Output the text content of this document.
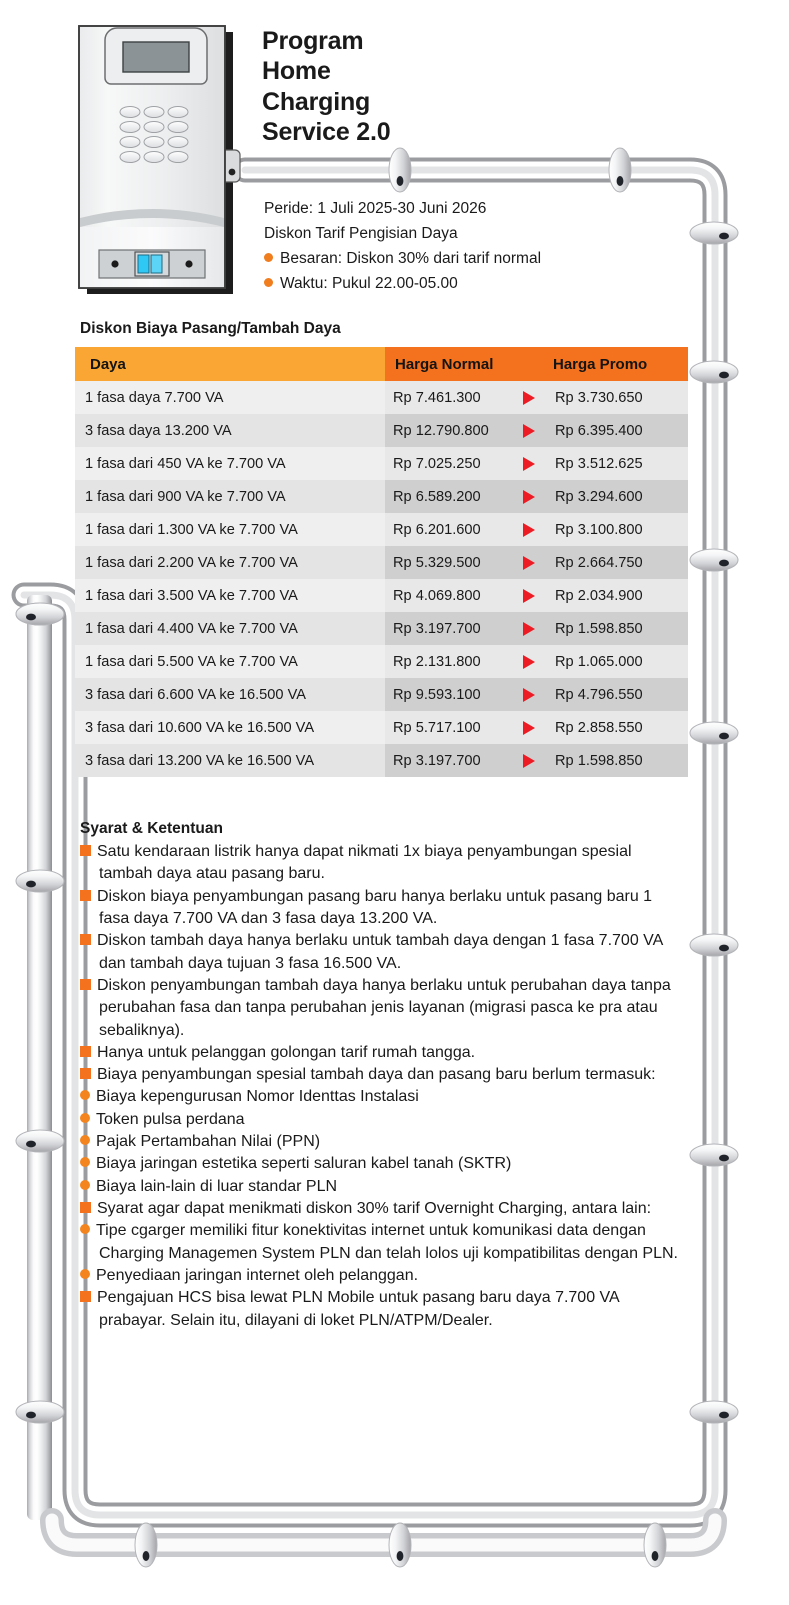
Program
Home
Charging
Service 2.0
Peride: 1 Juli 2025-30 Juni 2026
Diskon Tarif Pengisian Daya
Besaran: Diskon 30% dari tarif normal
Waktu: Pukul 22.00-05.00
Diskon Biaya Pasang/Tambah Daya
Daya	Harga Normal	Harga Promo
1 fasa daya 7.700 VA	Rp 7.461.300	Rp 3.730.650
3 fasa daya 13.200 VA	Rp 12.790.800	Rp 6.395.400
1 fasa dari 450 VA ke 7.700 VA	Rp 7.025.250	Rp 3.512.625
1 fasa dari 900 VA ke 7.700 VA	Rp 6.589.200	Rp 3.294.600
1 fasa dari 1.300 VA ke 7.700 VA	Rp 6.201.600	Rp 3.100.800
1 fasa dari 2.200 VA ke 7.700 VA	Rp 5.329.500	Rp 2.664.750
1 fasa dari 3.500 VA ke 7.700 VA	Rp 4.069.800	Rp 2.034.900
1 fasa dari 4.400 VA ke 7.700 VA	Rp 3.197.700	Rp 1.598.850
1 fasa dari 5.500 VA ke 7.700 VA	Rp 2.131.800	Rp 1.065.000
3 fasa dari 6.600 VA ke 16.500 VA	Rp 9.593.100	Rp 4.796.550
3 fasa dari 10.600 VA ke 16.500 VA	Rp 5.717.100	Rp 2.858.550
3 fasa dari 13.200 VA ke 16.500 VA	Rp 3.197.700	Rp 1.598.850
Syarat & Ketentuan

Satu kendaraan listrik hanya dapat nikmati 1x biaya penyambungan spesial tambah daya atau pasang baru.

Diskon biaya penyambungan pasang baru hanya berlaku untuk pasang baru 1 fasa daya 7.700 VA dan 3 fasa daya 13.200 VA.

Diskon tambah daya hanya berlaku untuk tambah daya dengan 1 fasa 7.700 VA dan tambah daya tujuan 3 fasa 16.500 VA.

Diskon penyambungan tambah daya hanya berlaku untuk perubahan daya tanpa perubahan fasa dan tanpa perubahan jenis layanan (migrasi pasca ke pra atau sebaliknya).

Hanya untuk pelanggan golongan tarif rumah tangga.

Biaya penyambungan spesial tambah daya dan pasang baru berlum termasuk:

Biaya kepengurusan Nomor Identtas Instalasi

Token pulsa perdana

Pajak Pertambahan Nilai (PPN)

Biaya jaringan estetika seperti saluran kabel tanah (SKTR)

Biaya lain-lain di luar standar PLN

Syarat agar dapat menikmati diskon 30% tarif Overnight Charging, antara lain:

Tipe cgarger memiliki fitur konektivitas internet untuk komunikasi data dengan Charging Managemen System PLN dan telah lolos uji kompatibilitas dengan PLN.

Penyediaan jaringan internet oleh pelanggan.

Pengajuan HCS bisa lewat PLN Mobile untuk pasang baru daya 7.700 VA prabayar. Selain itu, dilayani di loket PLN/ATPM/Dealer.
